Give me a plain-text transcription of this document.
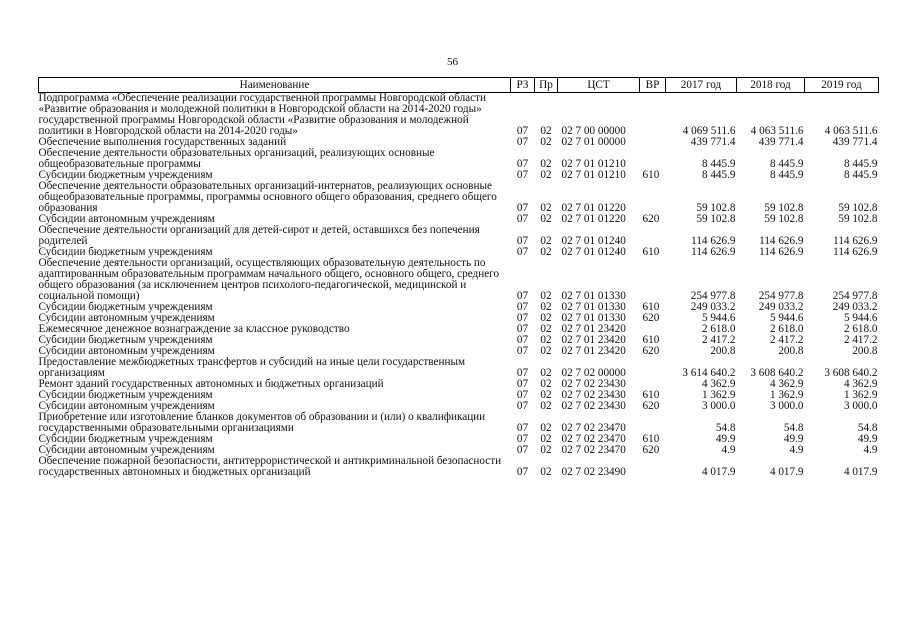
56
Наименование	РЗ	Пр	ЦСТ	ВР	2017 год	2018 год	2019 год
Подпрограмма «Обеспечение реализации государственной программы Новгородской области «Развитие образования и молодежной политики в Новгородской области на 2014-2020 годы» государственной программы Новгородской области «Развитие образования и молодежной политики в Новгородской области на 2014-2020 годы»	07	02	02 7 00 00000		4 069 511.6	4 063 511.6	4 063 511.6
Обеспечение выполнения государственных заданий	07	02	02 7 01 00000		439 771.4	439 771.4	439 771.4
Обеспечение деятельности образовательных организаций, реализующих основные общеобразовательные программы	07	02	02 7 01 01210		8 445.9	8 445.9	8 445.9
Субсидии бюджетным учреждениям	07	02	02 7 01 01210	610	8 445.9	8 445.9	8 445.9
Обеспечение деятельности образовательных организаций-интернатов, реализующих основные общеобразовательные программы, программы основного общего образования, среднего общего образования	07	02	02 7 01 01220		59 102.8	59 102.8	59 102.8
Субсидии автономным учреждениям	07	02	02 7 01 01220	620	59 102.8	59 102.8	59 102.8
Обеспечение деятельности организаций для детей-сирот и детей, оставшихся без попечения родителей	07	02	02 7 01 01240		114 626.9	114 626.9	114 626.9
Субсидии бюджетным учреждениям	07	02	02 7 01 01240	610	114 626.9	114 626.9	114 626.9
Обеспечение деятельности организаций, осуществляющих образовательную деятельность по адаптированным образовательным программам начального общего, основного общего, среднего общего образования (за исключением центров психолого-педагогической, медицинской и социальной помощи)	07	02	02 7 01 01330		254 977.8	254 977.8	254 977.8
Субсидии бюджетным учреждениям	07	02	02 7 01 01330	610	249 033.2	249 033.2	249 033.2
Субсидии автономным учреждениям	07	02	02 7 01 01330	620	5 944.6	5 944.6	5 944.6
Ежемесячное денежное вознаграждение за классное руководство	07	02	02 7 01 23420		2 618.0	2 618.0	2 618.0
Субсидии бюджетным учреждениям	07	02	02 7 01 23420	610	2 417.2	2 417.2	2 417.2
Субсидии автономным учреждениям	07	02	02 7 01 23420	620	200.8	200.8	200.8
Предоставление межбюджетных трансфертов и субсидий на иные цели государственным организациям	07	02	02 7 02 00000		3 614 640.2	3 608 640.2	3 608 640.2
Ремонт зданий государственных автономных и бюджетных организаций	07	02	02 7 02 23430		4 362.9	4 362.9	4 362.9
Субсидии бюджетным учреждениям	07	02	02 7 02 23430	610	1 362.9	1 362.9	1 362.9
Субсидии автономным учреждениям	07	02	02 7 02 23430	620	3 000.0	3 000.0	3 000.0
Приобретение или изготовление бланков документов об образовании и (или) о квалификации государственными образовательными организациями	07	02	02 7 02 23470		54.8	54.8	54.8
Субсидии бюджетным учреждениям	07	02	02 7 02 23470	610	49.9	49.9	49.9
Субсидии автономным учреждениям	07	02	02 7 02 23470	620	4.9	4.9	4.9
Обеспечение пожарной безопасности, антитеррористической и антикриминальной безопасности государственных автономных и бюджетных организаций	07	02	02 7 02 23490		4 017.9	4 017.9	4 017.9
